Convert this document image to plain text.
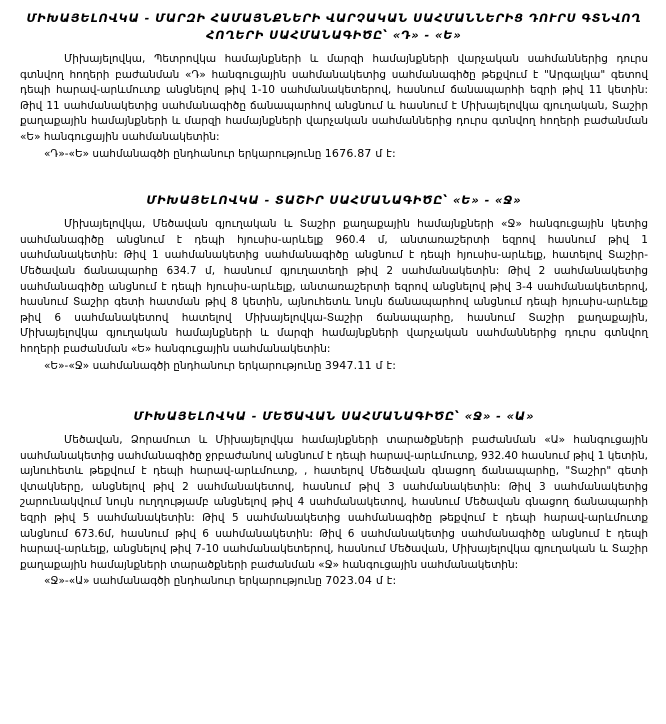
ՄԻԽԱՅԵԼՈՎԿԱ - ՄԱՐԶԻ ՀԱՄԱՅՆՔՆԵՐԻ ՎԱՐՉԱԿԱՆ ՍԱՀՄԱՆՆԵՐԻՑ ԴՈՒՐՍ ԳՏՆՎՈՂ
ՀՈՂԵՐԻ ՍԱՀՄԱՆԱԳԻԾԸ՝ «Դ» - «Ե»

Միխայելովկա, Պետրովկա համայնքների և մարզի համայնքների վարչական սահմաններից դուրս գտնվող հողերի բաժանման «Դ» հանգուցային սահմանակետից սահմանագիծը թեքվում է "Արգալկա" գետով դեպի հարավ-արևմուտք անցնելով թիվ 1-10 սահմանակետերով, հասնում ճանապարհի եզրի թիվ 11 կետին: Թիվ 11 սահմանակետից սահմանագիծը ճանապարհով անցնում և հասնում է Միխայելովկա գյուղական, Տաշիր քաղաքային համայնքների և մարզի համայնքների վարչական սահմաններից դուրս գտնվող հողերի բաժանման «Ե» հանգուցային սահմանակետին:

«Դ»-«Ե» սահմանագծի ընդհանուր երկարությունը 1676.87 մ է:

ՄԻԽԱՅԵԼՈՎԿԱ - ՏԱՇԻՐ ՍԱՀՄԱՆԱԳԻԾԸ՝ «Ե» - «Ջ»

Միխայելովկա, Մեծավան գյուղական և Տաշիր քաղաքային համայնքների «Ջ» հանգուցային կետից սահմանագիծը անցնում է դեպի հյուսիս-արևելք 960.4 մ, անտառաշերտի եզրով հասնում թիվ 1 սահմանակետին: Թիվ 1 սահմանակետից սահմանագիծը անցնում է դեպի հյուսիս-արևելք, հատելով Տաշիր-Մեծավան ճանապարհը 634.7 մ, հասնում գյուղատեղի թիվ 2 սահմանակետին: Թիվ 2 սահմանակետից սահմանագիծը անցնում է դեպի հյուսիս-արևելք, անտառաշերտի եզրով անցնելով թիվ 3-4 սահմանակետերով, հասնում Տաշիր գետի հատման թիվ 8 կետին, այնուհետև նույն ճանապարհով անցնում դեպի հյուսիս-արևելք թիվ 6 սահմանակետով հատելով Միխայելովկա-Տաշիր ճանապարհը, հասնում Տաշիր քաղաքային, Միխայելովկա գյուղական համայնքների և մարզի համայնքների վարչական սահմաններից դուրս գտնվող հողերի բաժանման «Ե» հանգուցային սահմանակետին:

«Ե»-«Ջ» սահմանագծի ընդհանուր երկարությունը 3947.11 մ է:

ՄԻԽԱՅԵԼՈՎԿԱ - ՄԵԾԱՎԱՆ ՍԱՀՄԱՆԱԳԻԾԸ՝ «Ջ» - «Ա»

Մեծավան, Ձորամուտ և Միխայելովկա համայնքների տարածքների բաժանման «Ա» հանգուցային սահմանակետից սահմանագիծը ջրբաժանով անցնում է դեպի հարավ-արևմուտք, 932.40 հասնում թիվ 1 կետին, այնուհետև թեքվում է դեպի հարավ-արևմուտք, , հատելով Մեծավան գնացող ճանապարհը, "Տաշիր" գետի վտակները, անցնելով թիվ 2 սահմանակետով, հասնում թիվ 3 սահմանակետին: Թիվ 3 սահմանակետից շարունակվում նույն ուղղությամբ անցնելով թիվ 4 սահմանակետով, հասնում Մեծավան գնացող ճանապարհի եզրի թիվ 5 սահմանակետին: Թիվ 5 սահմանակետից սահմանագիծը թեքվում է դեպի հարավ-արևմուտք անցնում 673.6մ, հասնում թիվ 6 սահմանակետին: Թիվ 6 սահմանակետից սահմանագիծը անցնում է դեպի հարավ-արևելք, անցնելով թիվ 7-10 սահմանակետերով, հասնում Մեծավան, Միխայելովկա գյուղական և Տաշիր քաղաքային համայնքների տարածքների բաժանման «Ջ» հանգուցային սահմանակետին:

«Ջ»-«Ա» սահմանագծի ընդհանուր երկարությունը 7023.04 մ է:
